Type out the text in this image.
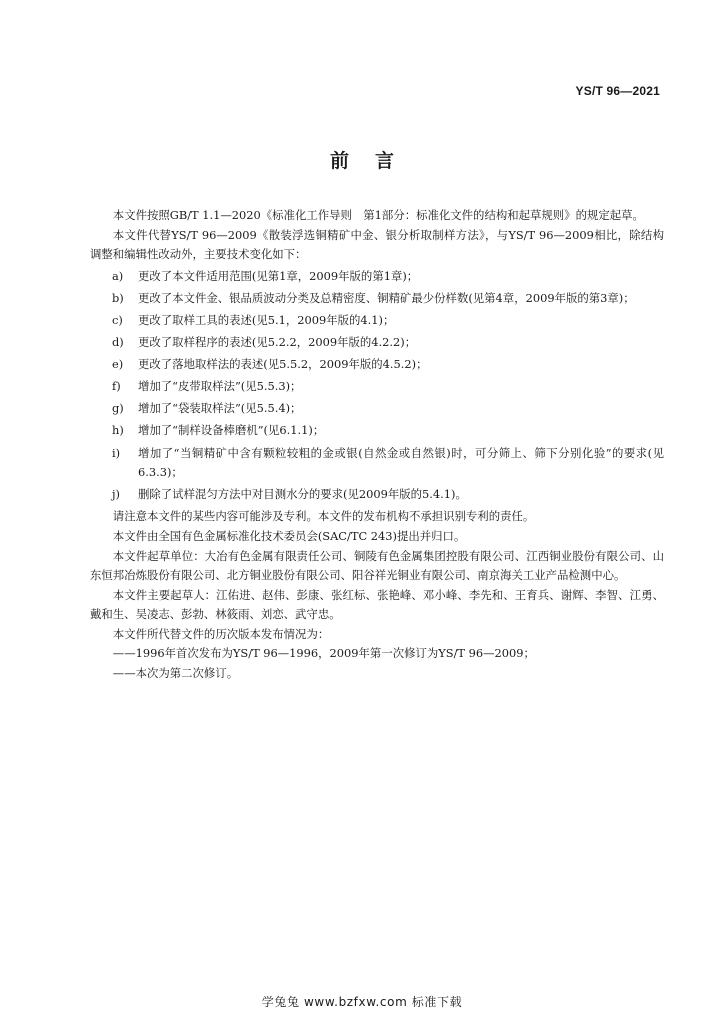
YS/T 96—2021
前言

本文件按照GB/T 1.1—2020《标准化工作导则　第1部分：标准化文件的结构和起草规则》的规定起草。

本文件代替YS/T 96—2009《散装浮选铜精矿中金、银分析取制样方法》，与YS/T 96—2009相比，除结构调整和编辑性改动外，主要技术变化如下：

a)	更改了本文件适用范围(见第1章，2009年版的第1章)；
b)	更改了本文件金、银品质波动分类及总精密度、铜精矿最少份样数(见第4章，2009年版的第3章)；
c)	更改了取样工具的表述(见5.1，2009年版的4.1)；
d)	更改了取样程序的表述(见5.2.2，2009年版的4.2.2)；
e)	更改了落地取样法的表述(见5.5.2，2009年版的4.5.2)；
f)	增加了“皮带取样法”(见5.5.3)；
g)	增加了“袋装取样法”(见5.5.4)；
h)	增加了“制样设备棒磨机”(见6.1.1)；
i)	增加了“当铜精矿中含有颗粒较粗的金或银(自然金或自然银)时，可分筛上、筛下分别化验”的要求(见6.3.3)；
j)	删除了试样混匀方法中对目测水分的要求(见2009年版的5.4.1)。

请注意本文件的某些内容可能涉及专利。本文件的发布机构不承担识别专利的责任。

本文件由全国有色金属标准化技术委员会(SAC/TC 243)提出并归口。

本文件起草单位：大冶有色金属有限责任公司、铜陵有色金属集团控股有限公司、江西铜业股份有限公司、山东恒邦冶炼股份有限公司、北方铜业股份有限公司、阳谷祥光铜业有限公司、南京海关工业产品检测中心。

本文件主要起草人：江佑进、赵伟、彭康、张红标、张艳峰、邓小峰、李先和、王育兵、谢辉、李智、江勇、戴和生、吴凌志、彭勃、林筱雨、刘恋、武守忠。

本文件所代替文件的历次版本发布情况为：

——1996年首次发布为YS/T 96—1996，2009年第一次修订为YS/T 96—2009；

——本次为第二次修订。

学兔兔 www.bzfxw.com 标准下载
